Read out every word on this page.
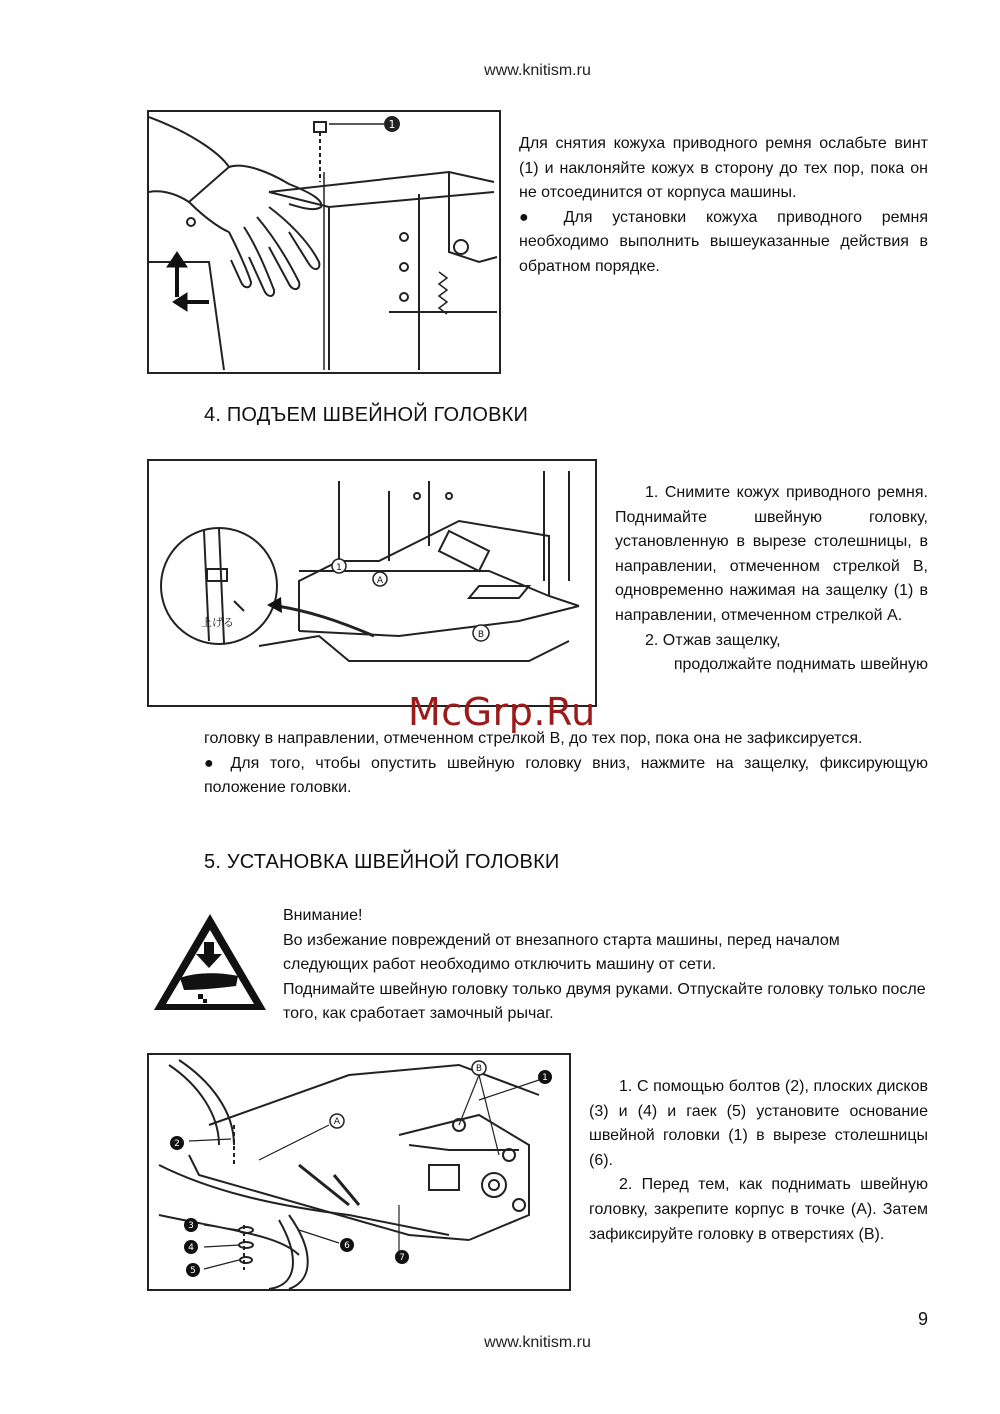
www.knitism.ru
1

Для снятия кожуха приводного ремня ослабьте винт (1) и наклоняйте кожух в сторону до тех пор, пока он не отсоединится от корпуса машины.

● Для установки кожуха приводного ремня необходимо выполнить вышеуказанные действия в обратном порядке.

4. ПОДЪЕМ ШВЕЙНОЙ ГОЛОВКИ
1
A
B
上げる

1. Снимите кожух приводного ремня. Поднимайте швейную головку, установленную в вырезе столешницы, в направлении, отмеченном стрелкой В, одновременно нажимая на защелку (1) в направлении, отмеченном стрелкой А.

2. Отжав защелку,

продолжайте поднимать швейную

головку в направлении, отмеченном стрелкой В, до тех пор, пока она не зафиксируется.

● Для того, чтобы опустить швейную головку вниз, нажмите на защелку, фиксирующую положение головки.

McGrp.Ru
5. УСТАНОВКА ШВЕЙНОЙ ГОЛОВКИ

Внимание!

Во избежание повреждений от внезапного старта машины, перед началом следующих работ необходимо отключить машину от сети.

Поднимайте швейную головку только двумя руками. Отпускайте головку только после того, как сработает замочный рычаг.

1
2
3
4
5
6
7
B
A

1. С помощью болтов (2), плоских дисков (3) и (4) и гаек (5) установите основание швейной головки (1) в вырезе столешницы (6).

2. Перед тем, как поднимать швейную головку, закрепите корпус в точке (А). Затем зафиксируйте головку в отверстиях (В).

9
www.knitism.ru
